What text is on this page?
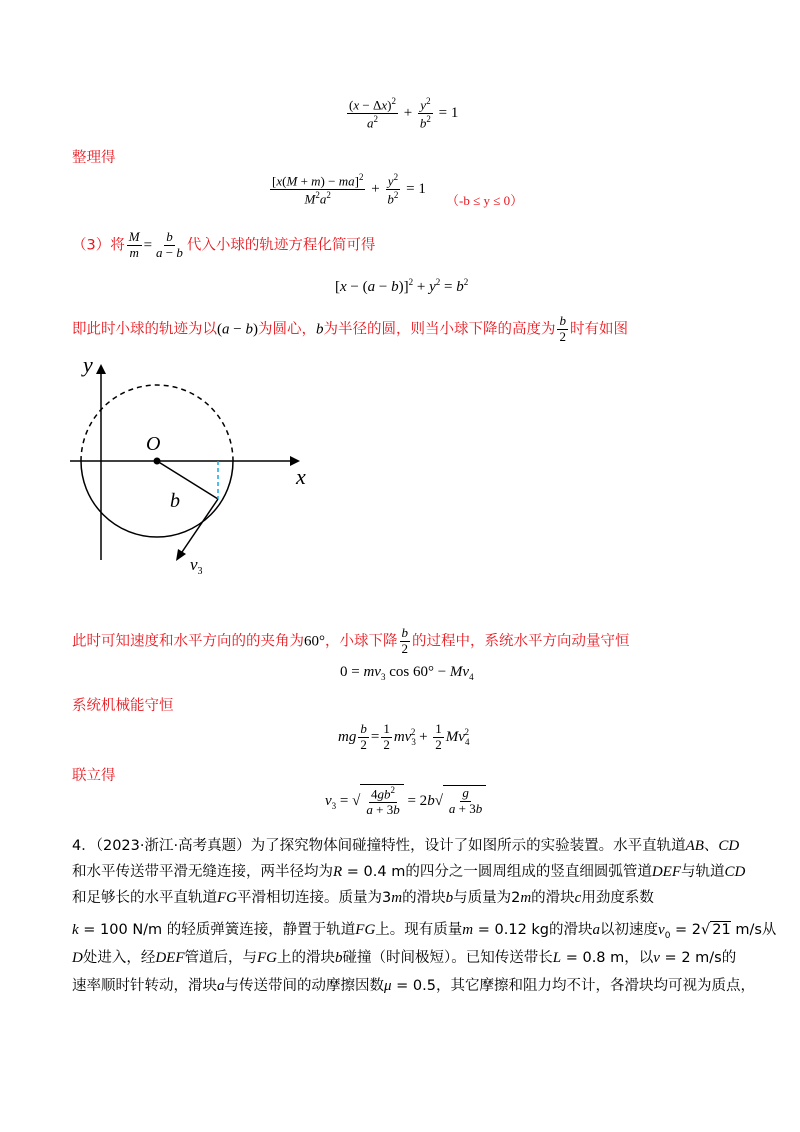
$\frac{(x - \Delta x)^2}{a^2} + \frac{y^2}{b^2} = 1$
整理得
$\frac{[x(M + m) - ma]^2}{M^2a^2} + \frac{y^2}{b^2} = 1$
（-b ≤ y ≤ 0）
（3）将 $\frac{M}{m} = \frac{b}{a - b}$ 代入小球的轨迹方程化简可得
$[x - (a - b)]^2 + y^2 = b^2$
即此时小球的轨迹为以(a − b)为圆心，b为半径的圆，则当小球下降的高度为 $\frac{b}{2}$ 时有如图
y
x
O
b
$v_3$
此时可知速度和水平方向的的夹角为60°，小球下降 $\frac{b}{2}$ 的过程中，系统水平方向动量守恒
$0 = mv_3$ $\cos 60^\circ - Mv_4$
系统机械能守恒
mg $\frac{b}{2} = \frac{1}{2} mv_3^2 + \frac{1}{2} Mv_4^2$
联立得
$v_3$ = √ $\frac{4gb^2}{a + 3b} = 2b√ \frac{g}{a + 3b}$
4．（2023·浙江·高考真题）为了探究物体间碰撞特性，设计了如图所示的实验装置。水平直轨道AB、CD
和水平传送带平滑无缝连接，两半径均为R = 0.4 m的四分之一圆周组成的竖直细圆弧管道DEF与轨道CD
和足够长的水平直轨道FG平滑相切连接。质量为3m的滑块b与质量为2m的滑块c用劲度系数
k = 100 N/m 的轻质弹簧连接，静置于轨道FG上。现有质量m = 0.12 kg的滑块a以初速度$v_0 = 2√$ 21 m/s从
D处进入，经DEF管道后，与FG上的滑块b碰撞（时间极短）。已知传送带长L = 0.8 m，以v = 2 m/s的
速率顺时针转动，滑块a与传送带间的动摩擦因数μ = 0.5，其它摩擦和阻力均不计，各滑块均可视为质点，
